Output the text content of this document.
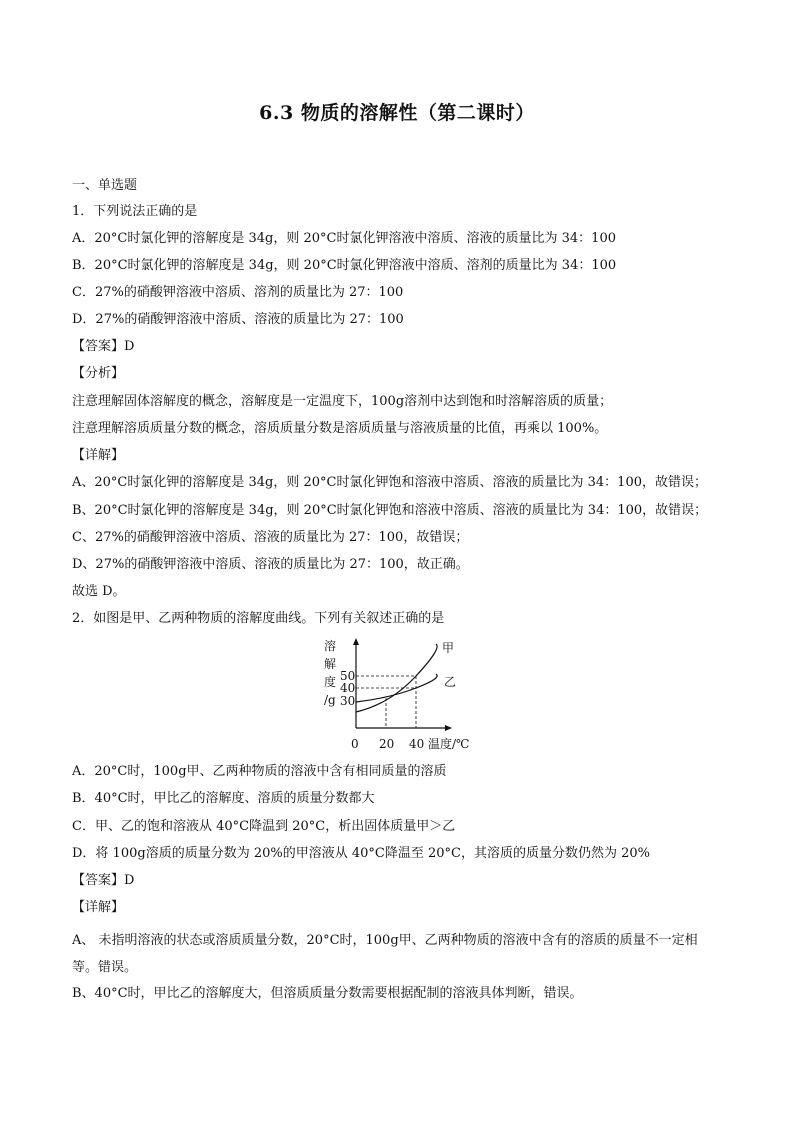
6.3 物质的溶解性（第二课时）
一、单选题
1．下列说法正确的是
A．20°C时氯化钾的溶解度是 34g，则 20°C时氯化钾溶液中溶质、溶液的质量比为 34：100
B．20°C时氯化钾的溶解度是 34g，则 20°C时氯化钾溶液中溶质、溶剂的质量比为 34：100
C．27%的硝酸钾溶液中溶质、溶剂的质量比为 27：100
D．27%的硝酸钾溶液中溶质、溶液的质量比为 27：100
【答案】D
【分析】
注意理解固体溶解度的概念，溶解度是一定温度下，100g溶剂中达到饱和时溶解溶质的质量；
注意理解溶质质量分数的概念，溶质质量分数是溶质质量与溶液质量的比值，再乘以 100%。
【详解】
A、20°C时氯化钾的溶解度是 34g，则 20°C时氯化钾饱和溶液中溶质、溶液的质量比为 34：100，故错误；
B、20°C时氯化钾的溶解度是 34g，则 20°C时氯化钾饱和溶液中溶质、溶液的质量比为 34：100，故错误；
C、27%的硝酸钾溶液中溶质、溶液的质量比为 27：100，故错误；
D、27%的硝酸钾溶液中溶质、溶液的质量比为 27：100，故正确。
故选 D。
2．如图是甲、乙两种物质的溶解度曲线。下列有关叙述正确的是
溶
解
度
/g
50
40
30
甲
乙
0 20 40 温度/℃
A．20°C时，100g甲、乙两种物质的溶液中含有相同质量的溶质
B．40°C时，甲比乙的溶解度、溶质的质量分数都大
C．甲、乙的饱和溶液从 40°C降温到 20°C，析出固体质量甲＞乙
D．将 100g溶质的质量分数为 20%的甲溶液从 40°C降温至 20°C，其溶质的质量分数仍然为 20%
【答案】D
【详解】
A、 未指明溶液的状态或溶质质量分数，20°C时，100g甲、乙两种物质的溶液中含有的溶质的质量不一定相等。错误。
B、40°C时，甲比乙的溶解度大，但溶质质量分数需要根据配制的溶液具体判断，错误。
